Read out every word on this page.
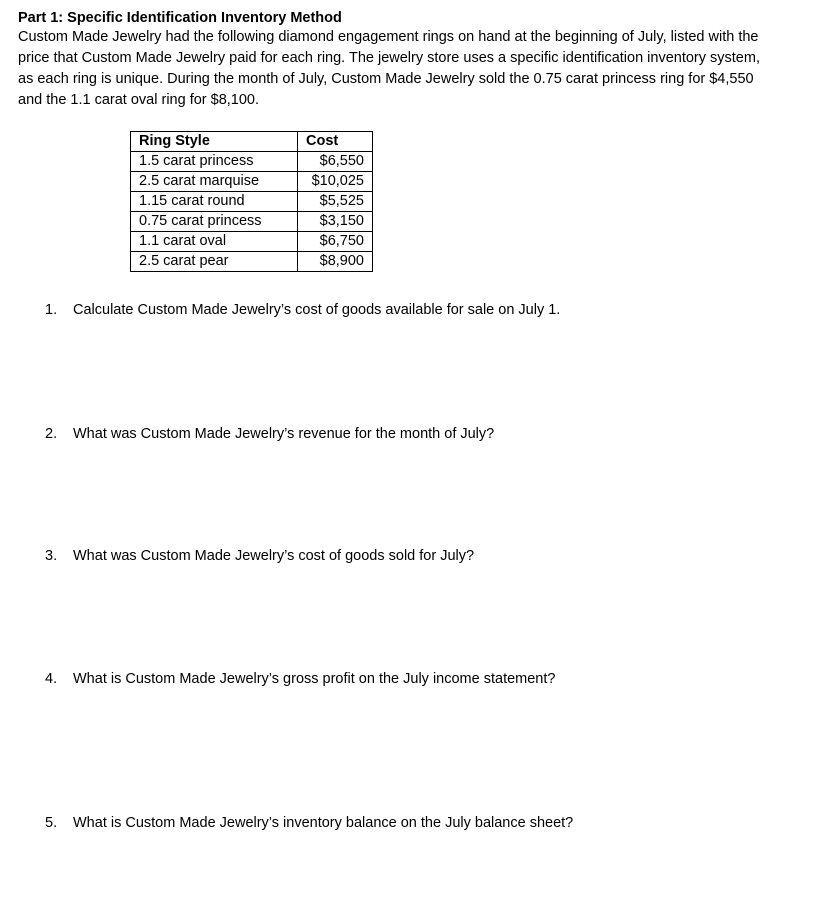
Part 1: Specific Identification Inventory Method
Custom Made Jewelry had the following diamond engagement rings on hand at the beginning of July, listed with the
price that Custom Made Jewelry paid for each ring. The jewelry store uses a specific identification inventory system,
as each ring is unique. During the month of July, Custom Made Jewelry sold the 0.75 carat princess ring for $4,550
and the 1.1 carat oval ring for $8,100.
Ring Style	Cost
1.5 carat princess	$6,550
2.5 carat marquise	$10,025
1.15 carat round	$5,525
0.75 carat princess	$3,150
1.1 carat oval	$6,750
2.5 carat pear	$8,900
1. Calculate Custom Made Jewelry’s cost of goods available for sale on July 1.
2. What was Custom Made Jewelry’s revenue for the month of July?
3. What was Custom Made Jewelry’s cost of goods sold for July?
4. What is Custom Made Jewelry’s gross profit on the July income statement?
5. What is Custom Made Jewelry’s inventory balance on the July balance sheet?
